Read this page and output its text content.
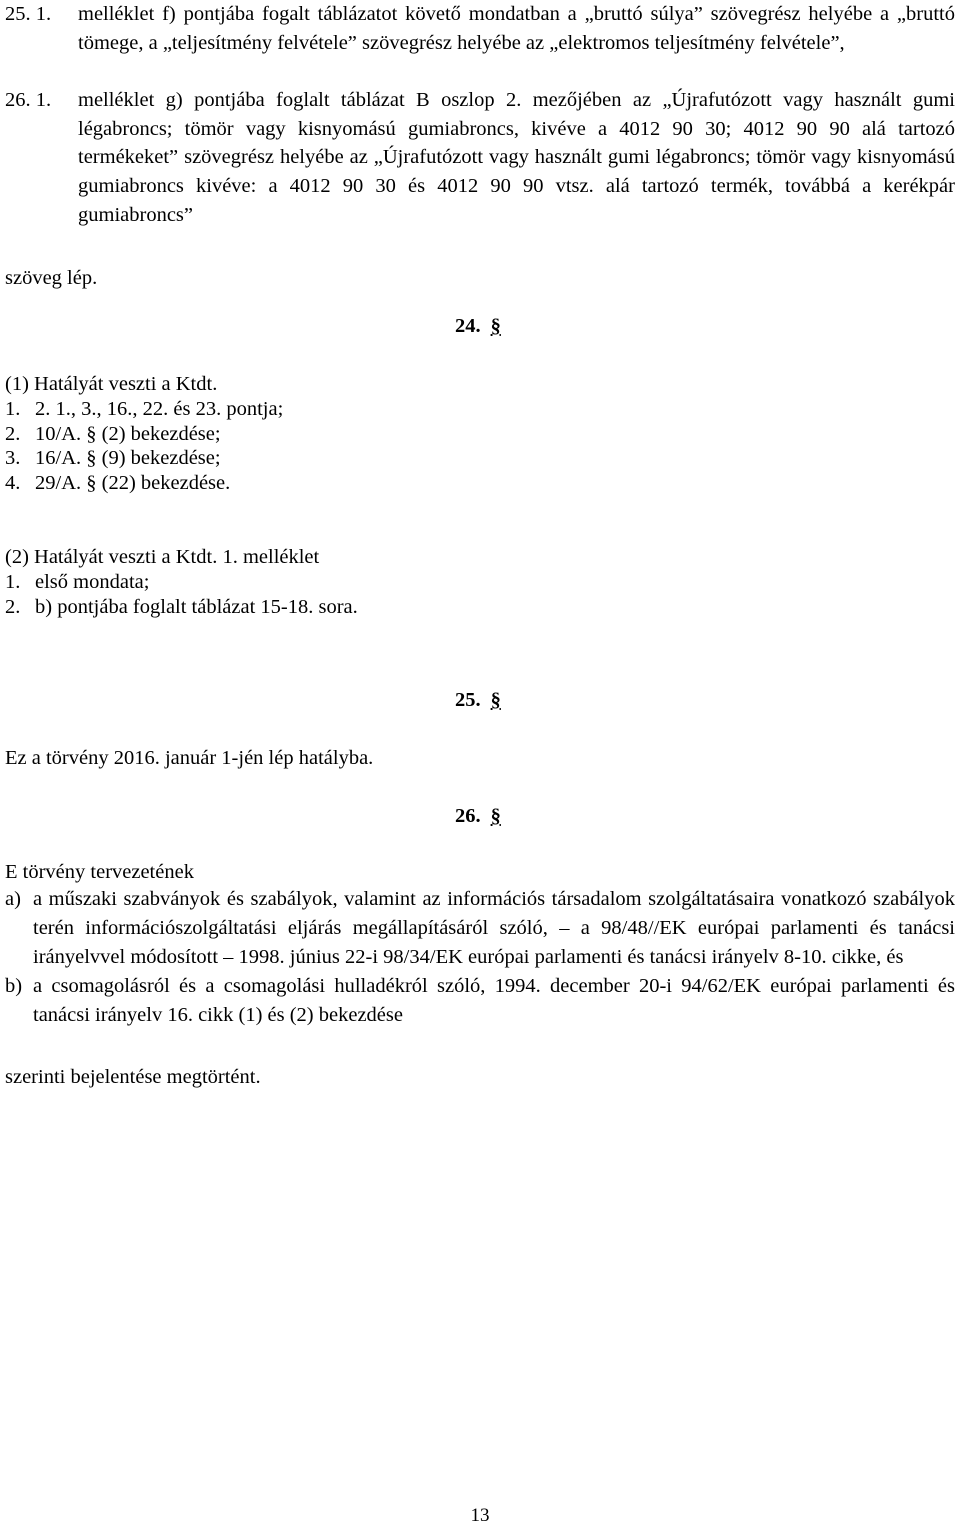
25. 1. melléklet f) pontjába fogalt táblázatot követő mondatban a „bruttó súlya” szövegrész helyébe a „bruttó tömege, a „teljesítmény felvétele” szövegrész helyébe az „elektromos teljesítmény felvétele”,
26. 1. melléklet g) pontjába foglalt táblázat B oszlop 2. mezőjében az „Újrafutózott vagy használt gumi légabroncs; tömör vagy kisnyomású gumiabroncs, kivéve a 4012 90 30; 4012 90 90 alá tartozó termékeket” szövegrész helyébe az „Újrafutózott vagy használt gumi légabroncs; tömör vagy kisnyomású gumiabroncs kivéve: a 4012 90 30 és 4012 90 90 vtsz. alá tartozó termék, továbbá a kerékpár gumiabroncs”
szöveg lép.
24. §
(1) Hatályát veszti a Ktdt.
1. 2. 1., 3., 16., 22. és 23. pontja;
2. 10/A. § (2) bekezdése;
3. 16/A. § (9) bekezdése;
4. 29/A. § (22) bekezdése.
(2) Hatályát veszti a Ktdt. 1. melléklet
1. első mondata;
2. b) pontjába foglalt táblázat 15-18. sora.
25. §
Ez a törvény 2016. január 1-jén lép hatályba.
26. §
E törvény tervezetének
a) a műszaki szabványok és szabályok, valamint az információs társadalom szolgáltatásaira vonatkozó szabályok terén információszolgáltatási eljárás megállapításáról szóló, – a 98/48//EK európai parlamenti és tanácsi irányelvvel módosított – 1998. június 22-i 98/34/EK európai parlamenti és tanácsi irányelv 8-10. cikke, és
b) a csomagolásról és a csomagolási hulladékról szóló, 1994. december 20-i 94/62/EK európai parlamenti és tanácsi irányelv 16. cikk (1) és (2) bekezdése
szerinti bejelentése megtörtént.
13
